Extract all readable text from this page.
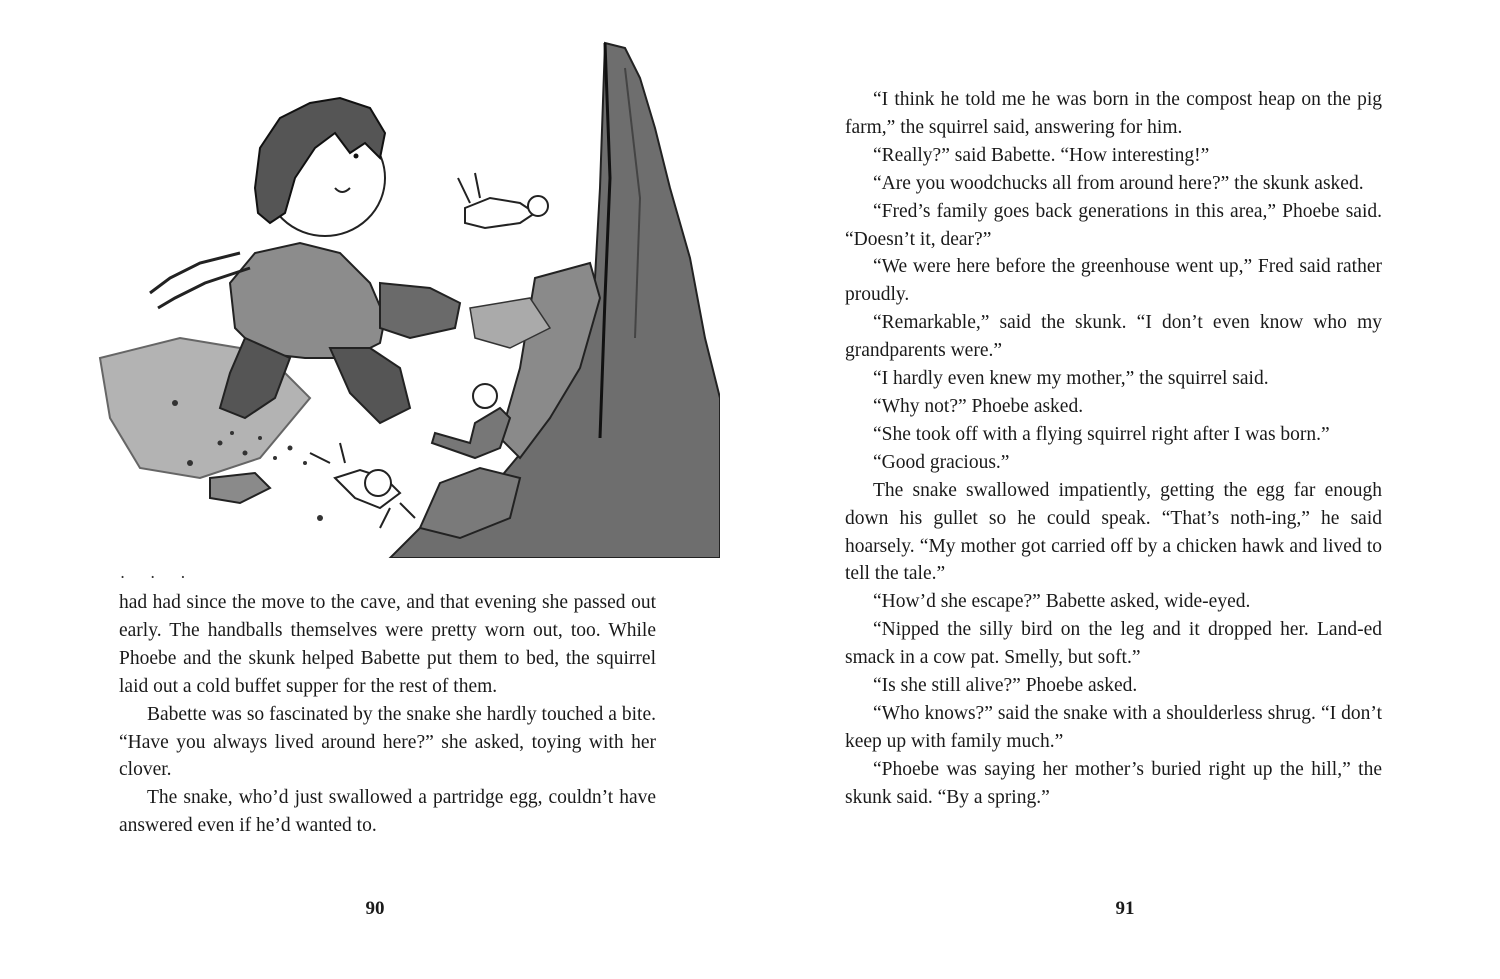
. . .

had had since the move to the cave, and that evening she passed out early. The handballs themselves were pretty worn out, too. While Phoebe and the skunk helped Babette put them to bed, the squirrel laid out a cold buffet supper for the rest of them.

Babette was so fascinated by the snake she hardly touched a bite. “Have you always lived around here?” she asked, toying with her clover.

The snake, who’d just swallowed a partridge egg, couldn’t have answered even if he’d wanted to.

90

“I think he told me he was born in the compost heap on the pig farm,” the squirrel said, answering for him.

“Really?” said Babette. “How interesting!”

“Are you woodchucks all from around here?” the skunk asked.

“Fred’s family goes back generations in this area,” Phoebe said. “Doesn’t it, dear?”

“We were here before the greenhouse went up,” Fred said rather proudly.

“Remarkable,” said the skunk. “I don’t even know who my grandparents were.”

“I hardly even knew my mother,” the squirrel said.

“Why not?” Phoebe asked.

“She took off with a flying squirrel right after I was born.”

“Good gracious.”

The snake swallowed impatiently, getting the egg far enough down his gullet so he could speak. “That’s noth-ing,” he said hoarsely. “My mother got carried off by a chicken hawk and lived to tell the tale.”

“How’d she escape?” Babette asked, wide-eyed.

“Nipped the silly bird on the leg and it dropped her. Land-ed smack in a cow pat. Smelly, but soft.”

“Is she still alive?” Phoebe asked.

“Who knows?” said the snake with a shoulderless shrug. “I don’t keep up with family much.”

“Phoebe was saying her mother’s buried right up the hill,” the skunk said. “By a spring.”

91
